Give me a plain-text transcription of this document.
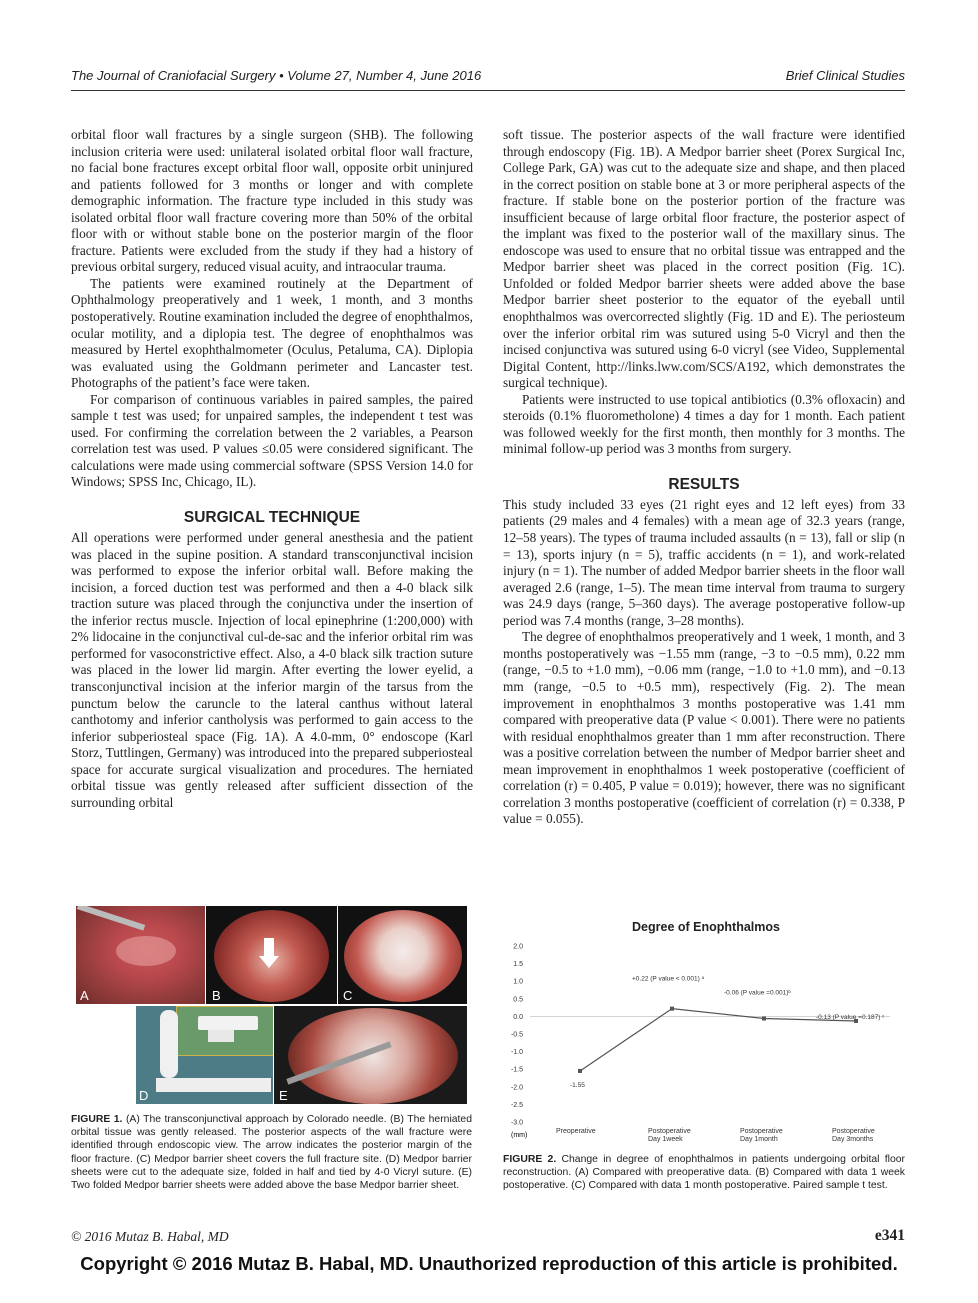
The Journal of Craniofacial Surgery • Volume 27, Number 4, June 2016	Brief Clinical Studies

orbital floor wall fractures by a single surgeon (SHB). The following inclusion criteria were used: unilateral isolated orbital floor wall fracture, no facial bone fractures except orbital floor wall, opposite orbit uninjured and patients followed for 3 months or longer and with complete demographic information. The fracture type included in this study was isolated orbital floor wall fracture covering more than 50% of the orbital floor with or without stable bone on the posterior margin of the floor fracture. Patients were excluded from the study if they had a history of previous orbital surgery, reduced visual acuity, and intraocular trauma.

The patients were examined routinely at the Department of Ophthalmology preoperatively and 1 week, 1 month, and 3 months postoperatively. Routine examination included the degree of enophthalmos, ocular motility, and a diplopia test. The degree of enophthalmos was measured by Hertel exophthalmometer (Oculus, Petaluma, CA). Diplopia was evaluated using the Goldmann perimeter and Lancaster test. Photographs of the patient’s face were taken.

For comparison of continuous variables in paired samples, the paired sample t test was used; for unpaired samples, the independent t test was used. For confirming the correlation between the 2 variables, a Pearson correlation test was used. P values ≤0.05 were considered significant. The calculations were made using commercial software (SPSS Version 14.0 for Windows; SPSS Inc, Chicago, IL).

SURGICAL TECHNIQUE

All operations were performed under general anesthesia and the patient was placed in the supine position. A standard transconjunctival incision was performed to expose the inferior orbital wall. Before making the incision, a forced duction test was performed and then a 4-0 black silk traction suture was placed through the conjunctiva under the insertion of the inferior rectus muscle. Injection of local epinephrine (1:200,000) with 2% lidocaine in the conjunctival cul-de-sac and the inferior orbital rim was performed for vasoconstrictive effect. Also, a 4-0 black silk traction suture was placed in the lower lid margin. After everting the lower eyelid, a transconjunctival incision at the inferior margin of the tarsus from the punctum below the caruncle to the lateral canthus without lateral canthotomy and inferior cantholysis was performed to gain access to the inferior subperiosteal space (Fig. 1A). A 4.0-mm, 0° endoscope (Karl Storz, Tuttlingen, Germany) was introduced into the prepared subperiosteal space for accurate surgical visualization and procedures. The herniated orbital tissue was gently released after sufficient dissection of the surrounding orbital

soft tissue. The posterior aspects of the wall fracture were identified through endoscopy (Fig. 1B). A Medpor barrier sheet (Porex Surgical Inc, College Park, GA) was cut to the adequate size and shape, and then placed in the correct position on stable bone at 3 or more peripheral aspects of the fracture. If stable bone on the posterior portion of the fracture was insufficient because of large orbital floor fracture, the posterior aspect of the implant was fixed to the posterior wall of the maxillary sinus. The endoscope was used to ensure that no orbital tissue was entrapped and the Medpor barrier sheet was placed in the correct position (Fig. 1C). Unfolded or folded Medpor barrier sheets were added above the base Medpor barrier sheet posterior to the equator of the eyeball until enophthalmos was overcorrected slightly (Fig. 1D and E). The periosteum over the inferior orbital rim was sutured using 5-0 Vicryl and then the incised conjunctiva was sutured using 6-0 vicryl (see Video, Supplemental Digital Content, http://links.lww.com/SCS/A192, which demonstrates the surgical technique).

Patients were instructed to use topical antibiotics (0.3% ofloxacin) and steroids (0.1% fluorometholone) 4 times a day for 1 month. Each patient was followed weekly for the first month, then monthly for 3 months. The minimal follow-up period was 3 months from surgery.

RESULTS

This study included 33 eyes (21 right eyes and 12 left eyes) from 33 patients (29 males and 4 females) with a mean age of 32.3 years (range, 12–58 years). The types of trauma included assaults (n = 13), fall or slip (n = 13), sports injury (n = 5), traffic accidents (n = 1), and work-related injury (n = 1). The number of added Medpor barrier sheets in the floor wall averaged 2.6 (range, 1–5). The mean time interval from trauma to surgery was 24.9 days (range, 5–360 days). The average postoperative follow-up period was 7.4 months (range, 3–28 months).

The degree of enophthalmos preoperatively and 1 week, 1 month, and 3 months postoperatively was −1.55 mm (range, −3 to −0.5 mm), 0.22 mm (range, −0.5 to +1.0 mm), −0.06 mm (range, −1.0 to +1.0 mm), and −0.13 mm (range, −0.5 to +0.5 mm), respectively (Fig. 2). The mean improvement in enophthalmos 3 months postoperative was 1.41 mm compared with preoperative data (P value < 0.001). There were no patients with residual enophthalmos greater than 1 mm after reconstruction. There was a positive correlation between the number of Medpor barrier sheet and mean improvement in enophthalmos 1 week postoperative (coefficient of correlation (r) = 0.405, P value = 0.019); however, there was no significant correlation 3 months postoperative (coefficient of correlation (r) = 0.338, P value = 0.055).

A	B	C
D	E
FIGURE 1. (A) The transconjunctival approach by Colorado needle. (B) The herniated orbital tissue was gently released. The posterior aspects of the wall fracture were identified through endoscopic view. The arrow indicates the posterior margin of the floor fracture. (C) Medpor barrier sheet covers the full fracture site. (D) Medpor barrier sheets were cut to the adequate size, folded in half and tied by 4-0 Vicryl suture. (E) Two folded Medpor barrier sheets were added above the base Medpor barrier sheet.
Degree of Enophthalmos
2.0
1.5
1.0
0.5
0.0
-0.5
-1.0
-1.5
-2.0
-2.5
-3.0
Preoperative	Postoperative
Day 1week
Postoperative
Day 1month
Postoperative
Day 3months
-1.55
+0.22 (P value < 0.001) ᵃ
-0.06 (P value =0.001)ᵇ
-0.13 (P value =0.187) ᶜ
(mm)
FIGURE 2. Change in degree of enophthalmos in patients undergoing orbital floor reconstruction. (A) Compared with preoperative data. (B) Compared with data 1 week postoperative. (C) Compared with data 1 month postoperative. Paired sample t test.
© 2016 Mutaz B. Habal, MD	e341
Copyright © 2016 Mutaz B. Habal, MD. Unauthorized reproduction of this article is prohibited.
